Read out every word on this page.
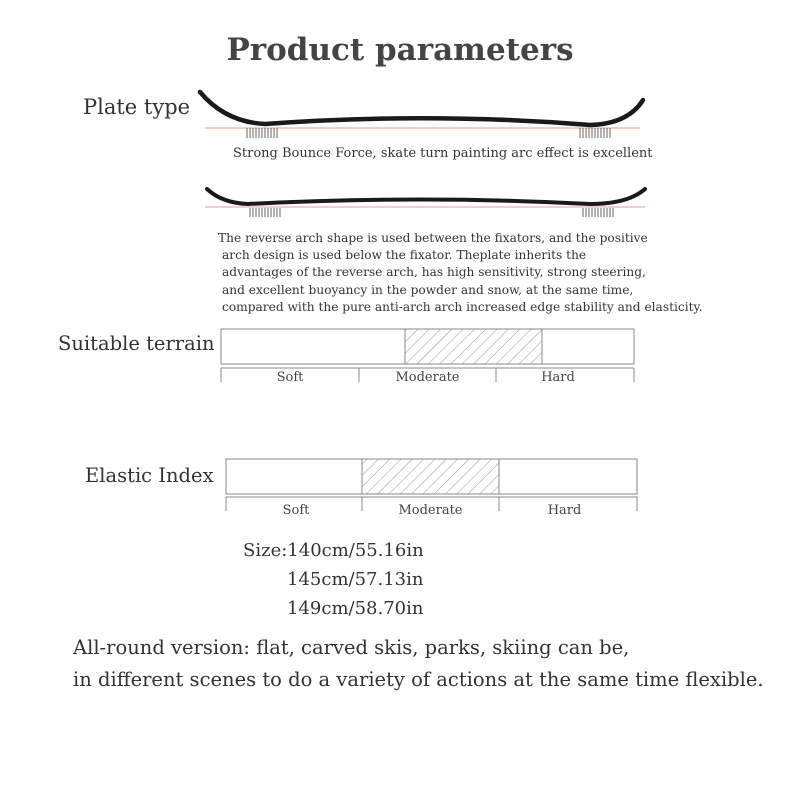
Product parameters
Plate type
Strong Bounce Force, skate turn painting arc effect is excellent
The reverse arch shape is used between the fixators, and the positive
arch design is used below the fixator. Theplate inherits the
advantages of the reverse arch, has high sensitivity, strong steering,
and excellent buoyancy in the powder and snow, at the same time,
compared with the pure anti-arch arch increased edge stability and elasticity.
Suitable terrain
Soft	Moderate	Hard
Elastic Index
Soft	Moderate	Hard
Size:140cm/55.16in
145cm/57.13in
149cm/58.70in
All-round version: flat, carved skis, parks, skiing can be,
in different scenes to do a variety of actions at the same time flexible.
